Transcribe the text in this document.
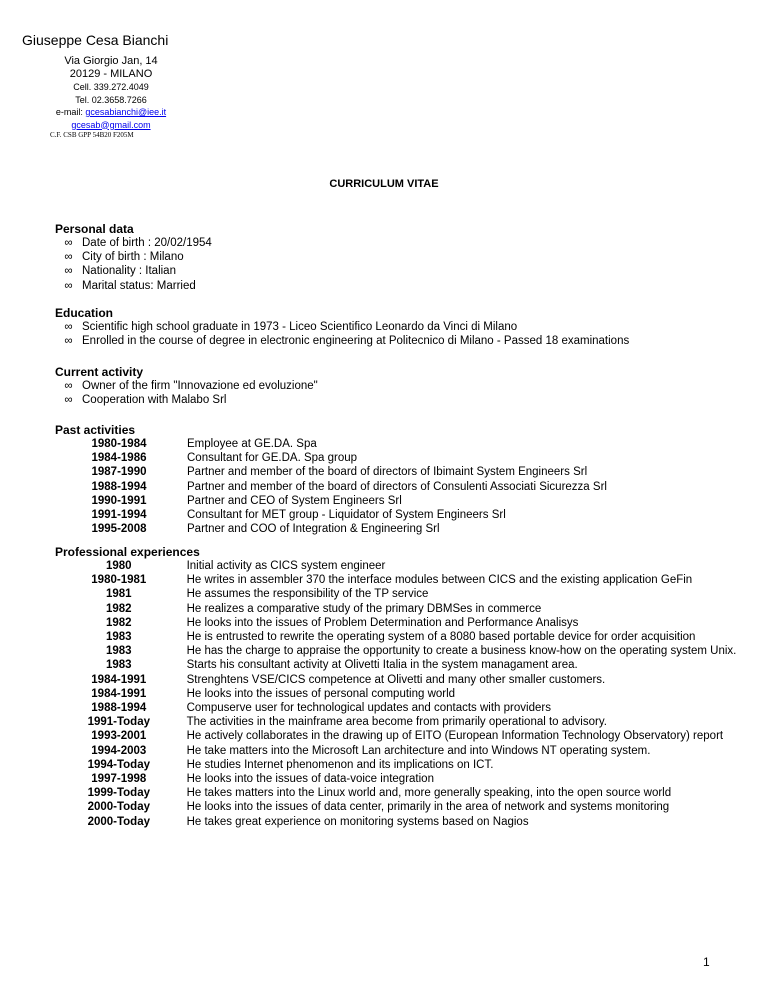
Giuseppe Cesa Bianchi
Via Giorgio Jan, 14
20129 - MILANO
Cell. 339.272.4049
Tel. 02.3658.7266
e-mail: gcesabianchi@iee.it
gcesab@gmail.com
C.F. CSB GPP 54B20 F205M
CURRICULUM VITAE
Personal data
∞ Date of birth : 20/02/1954
∞ City of birth : Milano
∞ Nationality : Italian
∞ Marital status: Married
Education
∞ Scientific high school graduate in 1973 - Liceo Scientifico Leonardo da Vinci di Milano
∞ Enrolled in the course of degree in electronic engineering at Politecnico di Milano - Passed 18 examinations
Current activity
∞ Owner of the firm "Innovazione ed evoluzione"
∞ Cooperation with Malabo Srl
Past activities
1980-1984	Employee at GE.DA. Spa
1984-1986	Consultant for GE.DA. Spa group
1987-1990	Partner and member of the board of directors of Ibimaint System Engineers Srl
1988-1994	Partner and member of the board of directors of Consulenti Associati Sicurezza Srl
1990-1991	Partner and CEO of System Engineers Srl
1991-1994	Consultant for MET group - Liquidator of System Engineers Srl
1995-2008	Partner and COO of Integration & Engineering Srl
Professional experiences
1980	Initial activity as CICS system engineer
1980-1981	He writes in assembler 370 the interface modules between CICS and the existing application GeFin
1981	He assumes the responsibility of the TP service
1982	He realizes a comparative study of the primary DBMSes in commerce
1982	He looks into the issues of Problem Determination and Performance Analisys
1983	He is entrusted to rewrite the operating system of a 8080 based portable device for order acquisition
1983	He has the charge to appraise the opportunity to create a business know-how on the operating system Unix.
1983	Starts his consultant activity at Olivetti Italia in the system managament area.
1984-1991	Strenghtens VSE/CICS competence at Olivetti and many other smaller customers.
1984-1991	He looks into the issues of personal computing world
1988-1994	Compuserve user for technological updates and contacts with providers
1991-Today	The activities in the mainframe area become from primarily operational to advisory.
1993-2001	He actively collaborates in the drawing up of EITO (European Information Technology Observatory) report
1994-2003	He take matters into the Microsoft Lan architecture and into Windows NT operating system.
1994-Today	He studies Internet phenomenon and its implications on ICT.
1997-1998	He looks into the issues of data-voice integration
1999-Today	He takes matters into the Linux world and, more generally speaking, into the open source world
2000-Today	He looks into the issues of data center, primarily in the area of network and systems monitoring
2000-Today	He takes great experience on monitoring systems based on Nagios
1
